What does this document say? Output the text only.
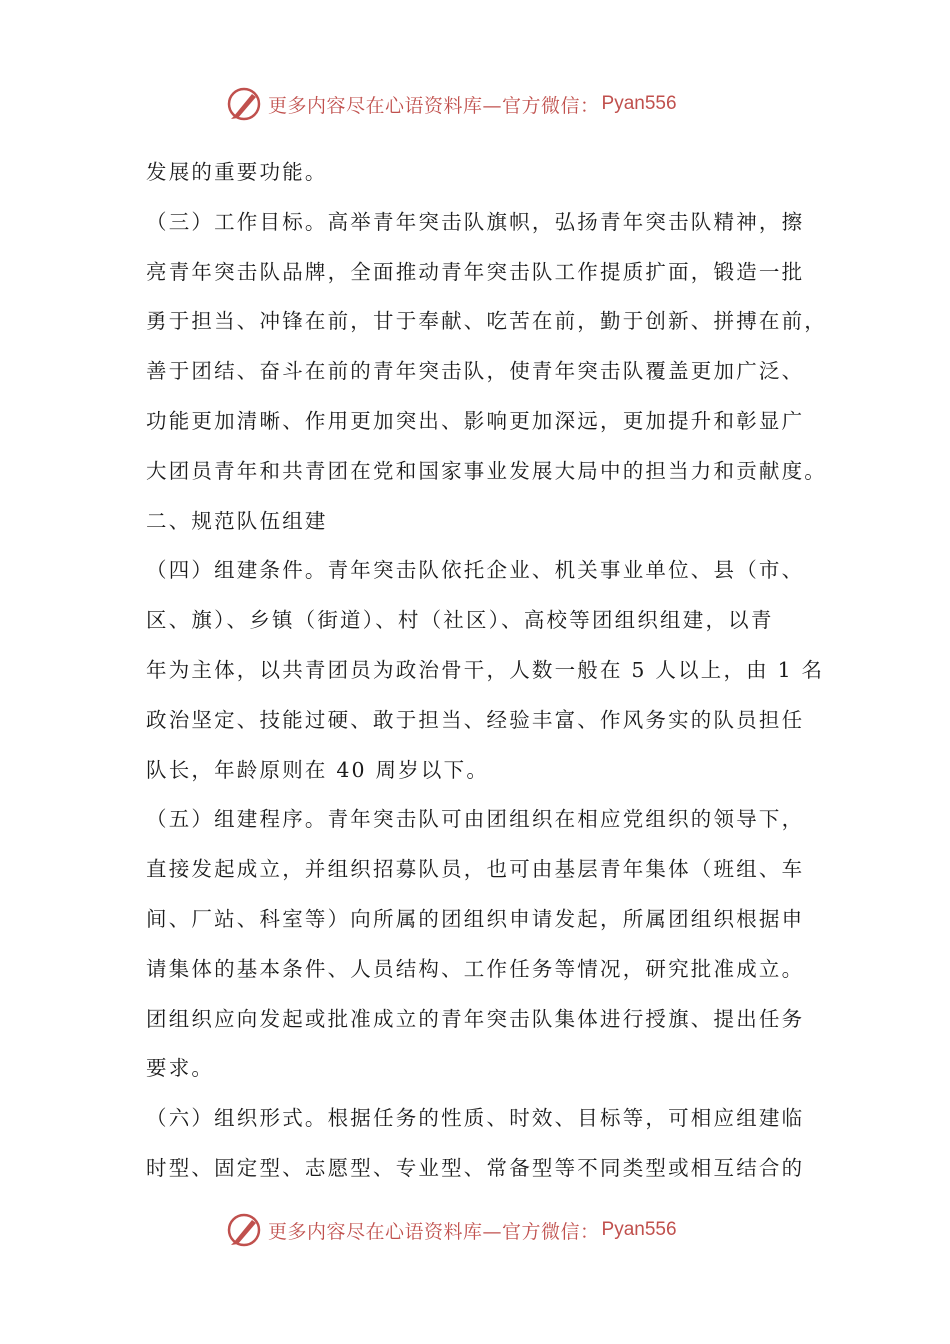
更多内容尽在心语资料库—官方微信： Pyan556
发展的重要功能。
（三）工作目标。高举青年突击队旗帜，弘扬青年突击队精神，擦
亮青年突击队品牌，全面推动青年突击队工作提质扩面，锻造一批
勇于担当、冲锋在前，甘于奉献、吃苦在前，勤于创新、拼搏在前，
善于团结、奋斗在前的青年突击队，使青年突击队覆盖更加广泛、
功能更加清晰、作用更加突出、影响更加深远，更加提升和彰显广
大团员青年和共青团在党和国家事业发展大局中的担当力和贡献度。
二、规范队伍组建
（四）组建条件。青年突击队依托企业、机关事业单位、县（市、
区、旗）、乡镇（街道）、村（社区）、高校等团组织组建，以青
年为主体，以共青团员为政治骨干，人数一般在 5 人以上，由 1 名
政治坚定、技能过硬、敢于担当、经验丰富、作风务实的队员担任
队长，年龄原则在 40 周岁以下。
（五）组建程序。青年突击队可由团组织在相应党组织的领导下，
直接发起成立，并组织招募队员，也可由基层青年集体（班组、车
间、厂站、科室等）向所属的团组织申请发起，所属团组织根据申
请集体的基本条件、人员结构、工作任务等情况，研究批准成立。
团组织应向发起或批准成立的青年突击队集体进行授旗、提出任务
要求。
（六）组织形式。根据任务的性质、时效、目标等，可相应组建临
时型、固定型、志愿型、专业型、常备型等不同类型或相互结合的
更多内容尽在心语资料库—官方微信： Pyan556
